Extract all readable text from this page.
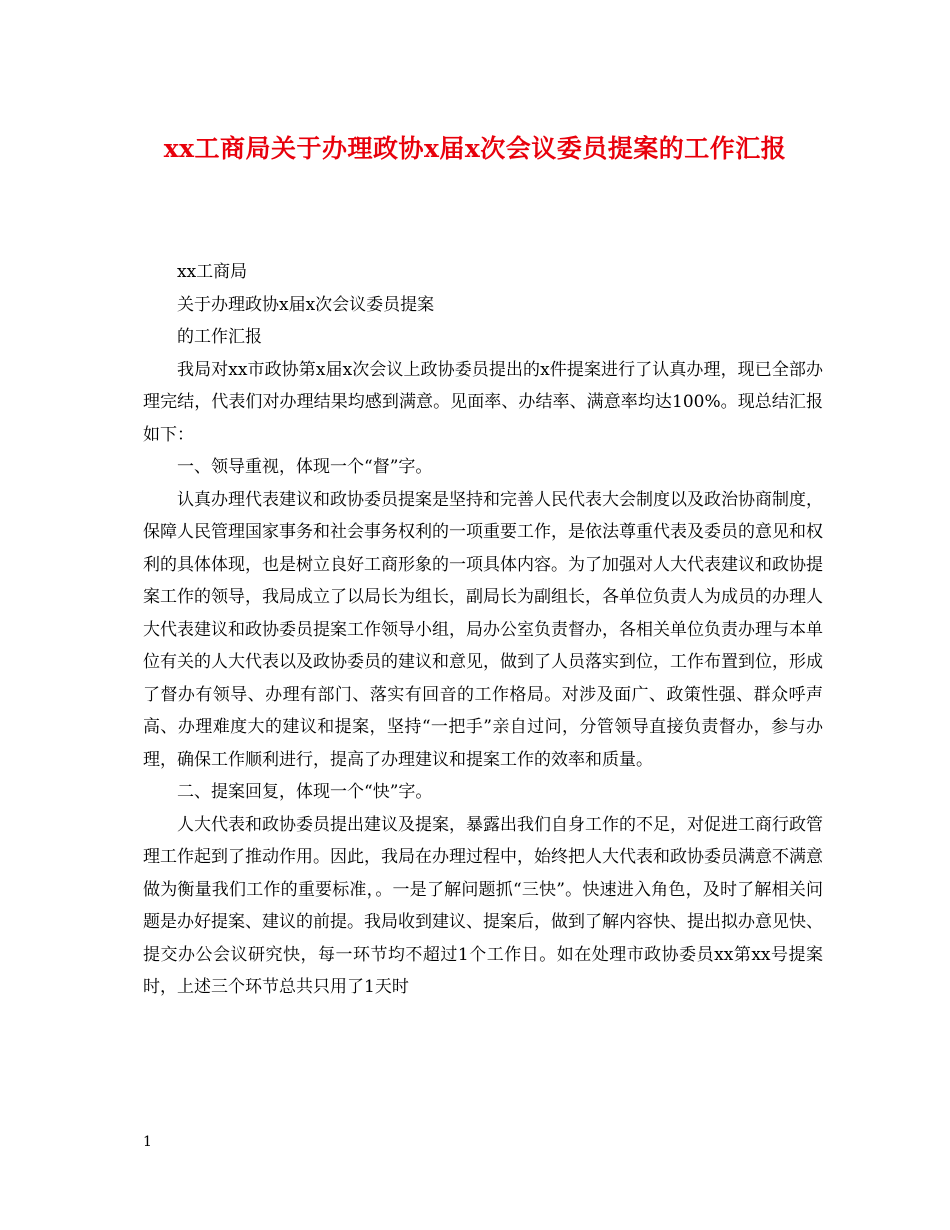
xx工商局关于办理政协x届x次会议委员提案的工作汇报

xx工商局

关于办理政协x届x次会议委员提案

的工作汇报

我局对xx市政协第x届x次会议上政协委员提出的x件提案进行了认真办理，现已全部办理完结，代表们对办理结果均感到满意。见面率、办结率、满意率均达100%。现总结汇报如下：

一、领导重视，体现一个“督”字。

认真办理代表建议和政协委员提案是坚持和完善人民代表大会制度以及政治协商制度，保障人民管理国家事务和社会事务权利的一项重要工作，是依法尊重代表及委员的意见和权利的具体体现，也是树立良好工商形象的一项具体内容。为了加强对人大代表建议和政协提案工作的领导，我局成立了以局长为组长，副局长为副组长，各单位负责人为成员的办理人大代表建议和政协委员提案工作领导小组，局办公室负责督办，各相关单位负责办理与本单位有关的人大代表以及政协委员的建议和意见，做到了人员落实到位，工作布置到位，形成了督办有领导、办理有部门、落实有回音的工作格局。对涉及面广、政策性强、群众呼声高、办理难度大的建议和提案，坚持“一把手”亲自过问，分管领导直接负责督办，参与办理，确保工作顺利进行，提高了办理建议和提案工作的效率和质量。

二、提案回复，体现一个“快”字。

人大代表和政协委员提出建议及提案，暴露出我们自身工作的不足，对促进工商行政管理工作起到了推动作用。因此，我局在办理过程中，始终把人大代表和政协委员满意不满意做为衡量我们工作的重要标准，。一是了解问题抓“三快”。快速进入角色，及时了解相关问题是办好提案、建议的前提。我局收到建议、提案后，做到了解内容快、提出拟办意见快、提交办公会议研究快，每一环节均不超过1个工作日。如在处理市政协委员xx第xx号提案时，上述三个环节总共只用了1天时

1
